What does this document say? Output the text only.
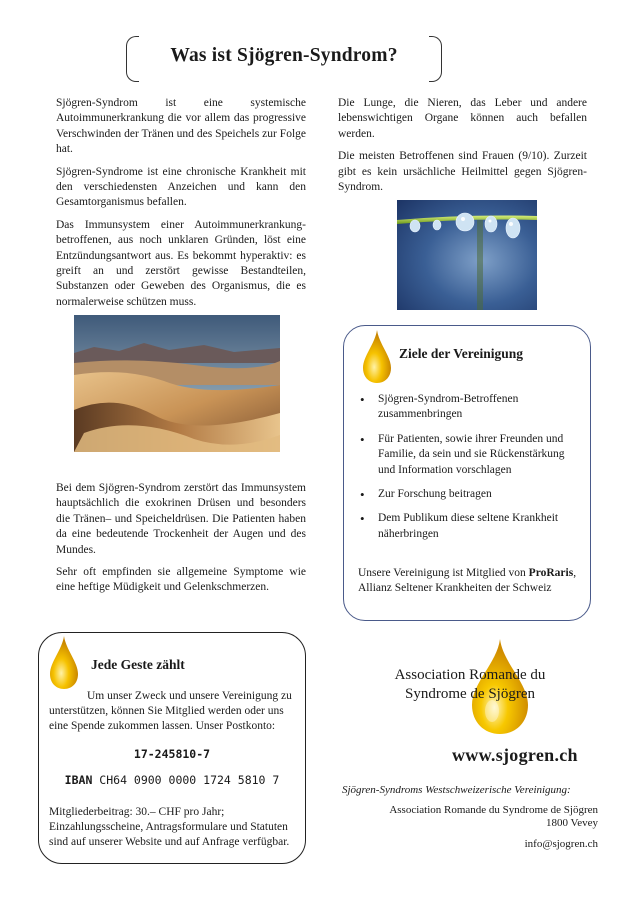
Was ist Sjögren-Syndrom?

Sjögren-Syndrom ist eine systemische Autoimmunerkrankung die vor allem das progressive Verschwinden der Tränen und des Speichels zur Folge hat.

Sjögren-Syndrome ist eine chronische Krankheit mit den verschiedensten Anzeichen und kann den Gesamtorganismus befallen.

Das Immunsystem einer Autoimmunerkrankung-betroffenen, aus noch unklaren Gründen, löst eine Entzündungsantwort aus. Es bekommt hyperaktiv: es greift an und zerstört gewisse Bestandteilen, Substanzen oder Geweben des Organismus, die es normalerweise schützen muss.

Bei dem Sjögren-Syndrom zerstört das Immunsystem hauptsächlich die exokrinen Drüsen und besonders die Tränen– und Speicheldrüsen. Die Patienten haben da eine bedeutende Trockenheit der Augen und des Mundes.

Sehr oft empfinden sie allgemeine Symptome wie eine heftige Müdigkeit und Gelenkschmerzen.

Die Lunge, die Nieren, das Leber und andere lebenswichtigen Organe können auch befallen werden.

Die meisten Betroffenen sind Frauen (9/10). Zurzeit gibt es kein ursächliche Heilmittel gegen Sjögren-Syndrom.

Ziele der Vereinigung
• Sjögren-Syndrom-Betroffenen zusammenbringen
• Für Patienten, sowie ihrer Freunden und Familie, da sein und sie Rückenstärkung und Information vorschlagen
• Zur Forschung beitragen
• Dem Publikum diese seltene Krankheit näherbringen
Unsere Vereinigung ist Mitglied von ProRaris, Allianz Seltener Krankheiten der Schweiz
Jede Geste zählt

Um unser Zweck und unsere Vereinigung zu unterstützen, können Sie Mitglied werden oder uns eine Spende zukommen lassen. Unser Postkonto:

17-245810-7
IBAN CH64 0900 0000 1724 5810 7

Mitgliederbeitrag: 30.– CHF pro Jahr; Einzahlungsscheine, Antragsformulare und Statuten sind auf unserer Website und auf Anfrage verfügbar.

Association Romande du
Syndrome de Sjögren
www.sjogren.ch
Sjögren-Syndroms Westschweizerische Vereinigung:
Association Romande du Syndrome de Sjögren
1800 Vevey
info@sjogren.ch
